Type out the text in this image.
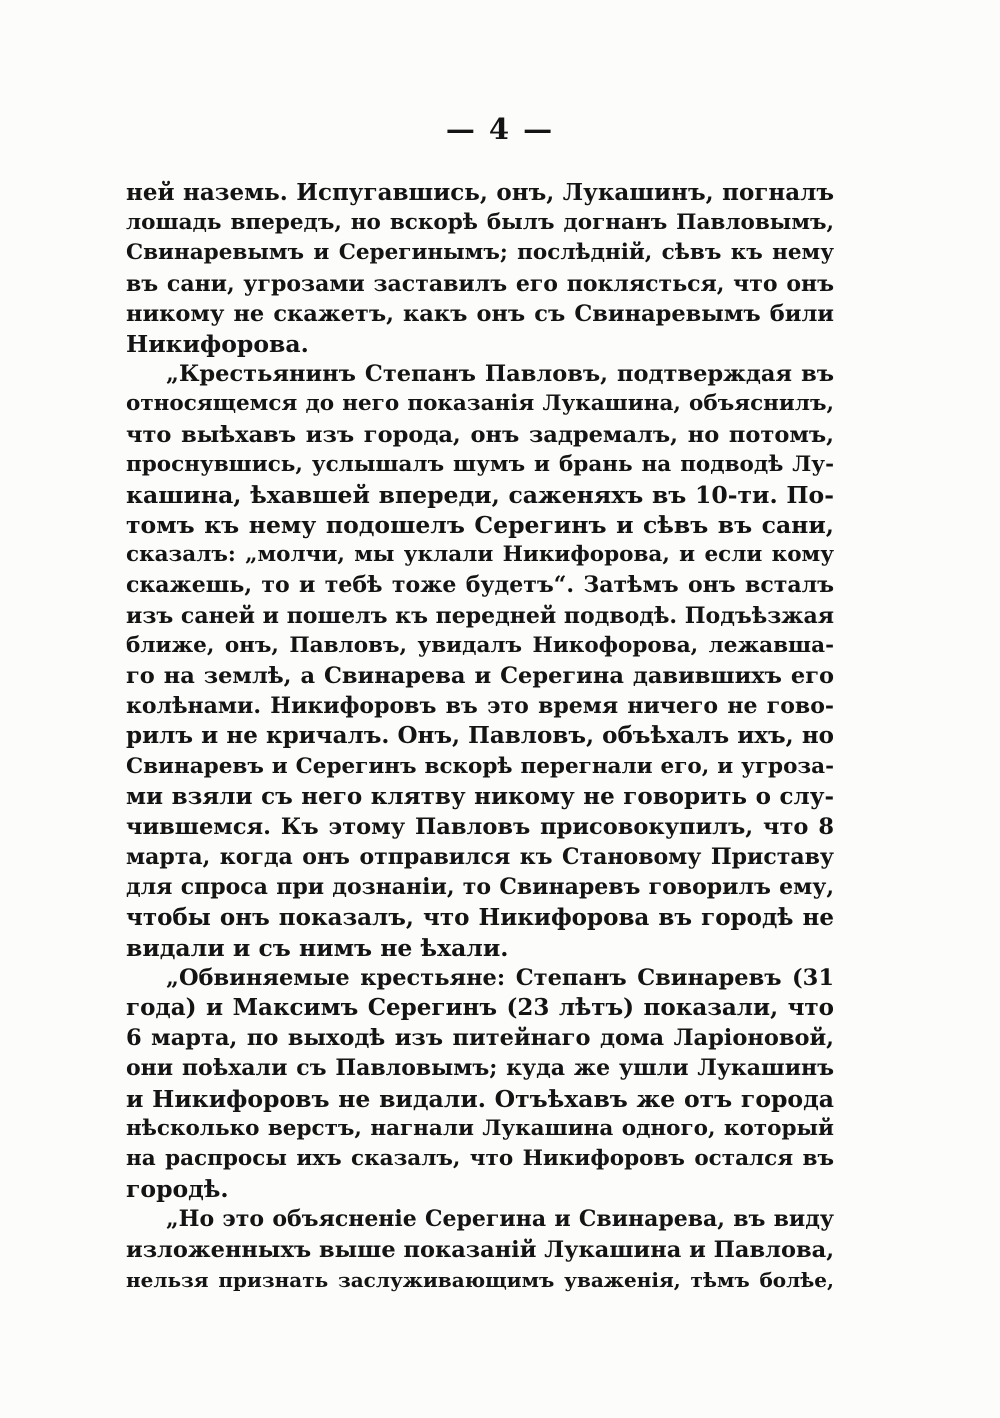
— 4 —
ней наземь. Испугавшись, онъ, Лукашинъ, погналъ
лошадь впередъ, но вскорѣ былъ догнанъ Павловымъ,
Свинаревымъ и Серегинымъ; послѣднiй, сѣвъ къ нему
въ сани, угрозами заставилъ его поклясться, что онъ
никому не скажетъ, какъ онъ съ Свинаревымъ били
Никифорова.
„Крестьянинъ Степанъ Павловъ, подтверждая въ
относящемся до него показанiя Лукашина, объяснилъ,
что выѣхавъ изъ города, онъ задремалъ, но потомъ,
проснувшись, услышалъ шумъ и брань на подводѣ Лу-
кашина, ѣхавшей впереди, саженяхъ въ 10-ти. По-
томъ къ нему подошелъ Серегинъ и сѣвъ въ сани,
сказалъ: „молчи, мы уклали Никифорова, и если кому
скажешь, то и тебѣ тоже будетъ“. Затѣмъ онъ всталъ
изъ саней и пошелъ къ передней подводѣ. Подъѣзжая
ближе, онъ, Павловъ, увидалъ Никофорова, лежавша-
го на землѣ, а Свинарева и Серегина давившихъ его
колѣнами. Никифоровъ въ это время ничего не гово-
рилъ и не кричалъ. Онъ, Павловъ, объѣхалъ ихъ, но
Свинаревъ и Серегинъ вскорѣ перегнали его, и угроза-
ми взяли съ него клятву никому не говорить о слу-
чившемся. Къ этому Павловъ присовокупилъ, что 8
марта, когда онъ отправился къ Становому Приставу
для спроса при дознанiи, то Свинаревъ говорилъ ему,
чтобы онъ показалъ, что Никифорова въ городѣ не
видали и съ нимъ не ѣхали.
„Обвиняемые крестьяне: Степанъ Свинаревъ (31
года) и Максимъ Серегинъ (23 лѣтъ) показали, что
6 марта, по выходѣ изъ питейнаго дома Ларiоновой,
они поѣхали съ Павловымъ; куда же ушли Лукашинъ
и Никифоровъ не видали. Отъѣхавъ же отъ города
нѣсколько верстъ, нагнали Лукашина одного, который
на распросы ихъ сказалъ, что Никифоровъ остался въ
городѣ.
„Но это объясненiе Серегина и Свинарева, въ виду
изложенныхъ выше показанiй Лукашина и Павлова,
нельзя признать заслуживающимъ уваженiя, тѣмъ болѣе,
